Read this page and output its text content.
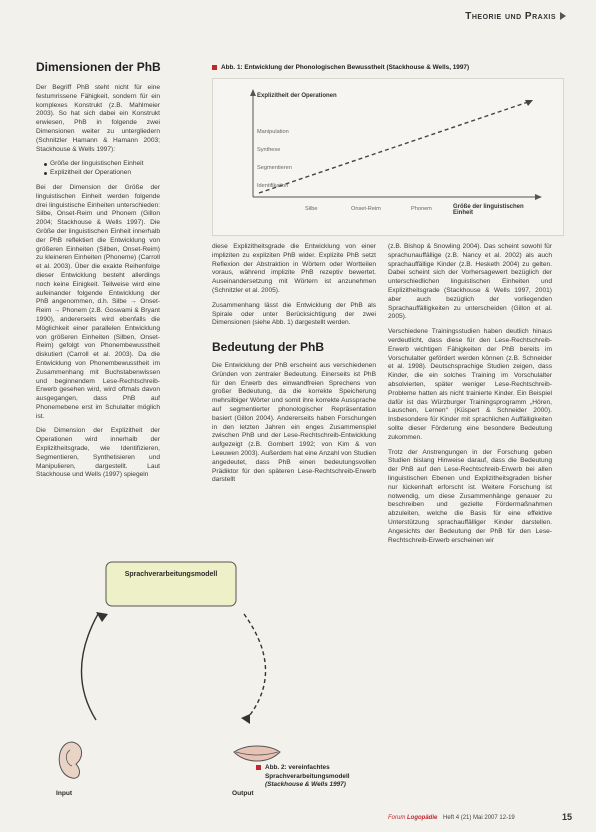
Theorie und Praxis
Dimensionen der PhB

Der Begriff PhB steht nicht für eine festumrissene Fähigkeit, sondern für ein komplexes Konstrukt (z.B. Mahlmeier 2003). So hat sich dabei ein Konstrukt erwiesen, PhB in folgende zwei Dimensionen weiter zu untergliedern (Schnitzler Hamann & Hamann 2003; Stackhouse & Wells 1997):

Größe der linguistischen Einheit
Explizitheit der Operationen

Bei der Dimension der Größe der linguistischen Einheit werden folgende drei linguistische Einheiten unterschieden: Silbe, Onset-Reim und Phonem (Gillon 2004; Stackhouse & Wells 1997). Die Größe der linguistischen Einheit innerhalb der PhB reflektiert die Entwicklung von größeren Einheiten (Silben, Onset-Reim) zu kleineren Einheiten (Phoneme) (Carroll et al. 2003). Über die exakte Reihenfolge dieser Entwicklung besteht allerdings noch keine Einigkeit. Teilweise wird eine aufeinander folgende Entwicklung der PhB angenommen, d.h. Silbe → Onset-Reim → Phonem (z.B. Goswami & Bryant 1990), andererseits wird ebenfalls die Möglichkeit einer parallelen Entwicklung von größeren Einheiten (Silben, Onset-Reim) gefolgt von Phonembewusstheit diskutiert (Carroll et al. 2003). Da die Entwicklung von Phonembewusstheit im Zusammenhang mit Buchstabenwissen und beginnendem Lese-Rechtschreib-Erwerb gesehen wird, wird oftmals davon ausgegangen, dass PhB auf Phonemebene erst im Schulalter möglich ist.

Die Dimension der Explizitheit der Operationen wird innerhalb der Explizitheitsgrade, wie Identifizieren, Segmentieren, Synthetisieren und Manipulieren, dargestellt. Laut Stackhouse und Wells (1997) spiegeln

Abb. 1: Entwicklung der Phonologischen Bewusstheit (Stackhouse & Wells, 1997)
Explizitheit der Operationen
Manipulation
Synthese
Segmentieren
Identifikation
Silbe	Onset-Reim	Phonem	Größe der linguistischen Einheit

diese Explizitheitsgrade die Entwicklung von einer impliziten zu expliziten PhB wider. Explizite PhB setzt Reflexion der Abstraktion in Wörtern oder Wortteilen voraus, während implizite PhB rezeptiv bewertet. Auseinandersetzung mit Wörtern ist anzunehmen (Schnitzler et al. 2005).

Zusammenhang lässt die Entwicklung der PhB als Spirale oder unter Berücksichtigung der zwei Dimensionen (siehe Abb. 1) dargestellt werden.

Bedeutung der PhB

Die Entwicklung der PhB erscheint aus verschiedenen Gründen von zentraler Bedeutung. Einerseits ist PhB für den Erwerb des einwandfreien Sprechens von großer Bedeutung, da die korrekte Speicherung mehrsilbiger Wörter und somit ihre korrekte Aussprache auf segmentierter phonologischer Repräsentation basiert (Gillon 2004). Andererseits haben Forschungen in den letzten Jahren ein enges Zusammenspiel zwischen PhB und der Lese-Rechtschreib-Entwicklung aufgezeigt (z.B. Gombert 1992; von Kim & von Leeuwen 2003). Außerdem hat eine Anzahl von Studien angedeutet, dass PhB einen bedeutungsvollen Prädiktor für den späteren Lese-Rechtschreib-Erwerb darstellt

(z.B. Bishop & Snowling 2004). Das scheint sowohl für sprachunauffällige (z.B. Nancy et al. 2002) als auch sprachauffällige Kinder (z.B. Hesketh 2004) zu gelten. Dabei scheint sich der Vorhersagewert bezüglich der unterschiedlichen linguistischen Einheiten und Explizitheitsgrade (Stackhouse & Wells 1997, 2001) aber auch bezüglich der vorliegenden Sprachauffälligkeiten zu unterscheiden (Gillon et al. 2005).

Verschiedene Trainingsstudien haben deutlich hinaus verdeutlicht, dass diese für den Lese-Rechtschreib-Erwerb wichtigen Fähigkeiten der PhB bereits im Vorschulalter gefördert werden können (z.B. Schneider et al. 1998). Deutschsprachige Studien zeigen, dass Kinder, die ein solches Training im Vorschulalter absolvierten, später weniger Lese-Rechtschreib-Probleme hatten als nicht trainierte Kinder. Ein Beispiel dafür ist das Würzburger Trainingsprogramm „Hören, Lauschen, Lernen“ (Küspert & Schneider 2000). Insbesondere für Kinder mit sprachlichen Auffälligkeiten sollte dieser Förderung eine besondere Bedeutung zukommen.

Trotz der Anstrengungen in der Forschung geben Studien bislang Hinweise darauf, dass die Bedeutung der PhB auf den Lese-Rechtschreib-Erwerb bei allen linguistischen Ebenen und Explizitheitsgraden bisher nur lückenhaft erforscht ist. Weitere Forschung ist notwendig, um diese Zusammenhänge genauer zu beschreiben und gezielte Fördermaßnahmen abzuleiten, welche die Basis für eine effektive Unterstützung sprachauffälliger Kinder darstellen. Angesichts der Bedeutung der PhB für den Lese-Rechtschreib-Erwerb erscheinen wir

Sprachverarbeitungsmodell
Input	Output
Abb. 2: vereinfachtes
Sprachverarbeitungsmodell
(Stackhouse & Wells 1997)
Forum Logopädie Heft 4 (21) Mai 2007 12-19	15
